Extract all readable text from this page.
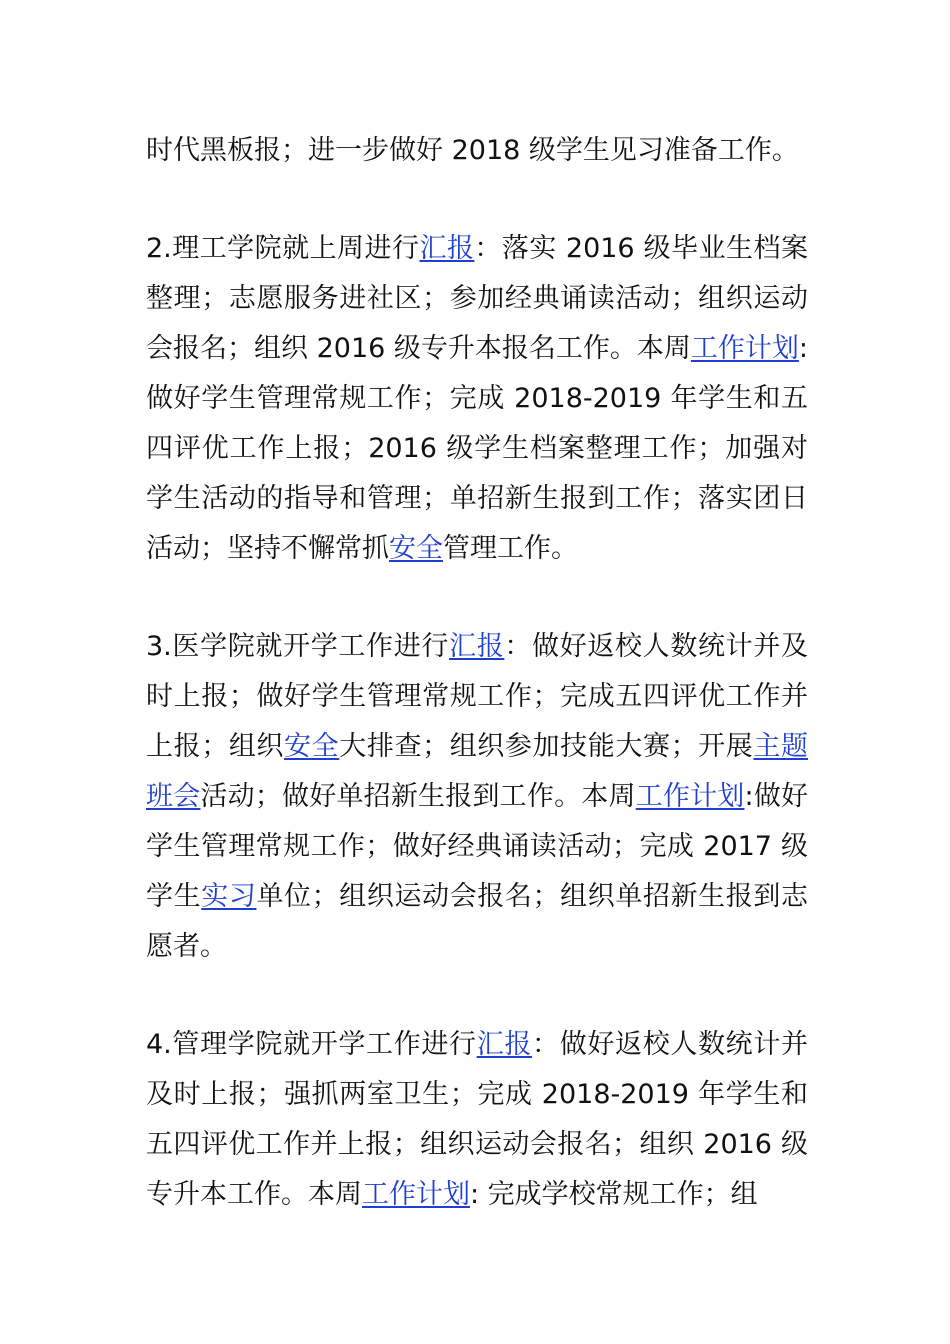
时代黑板报；进一步做好 2018 级学生见习准备工作。

2.理工学院就上周进行汇报：落实 2016 级毕业生档案整理；志愿服务进社区；参加经典诵读活动；组织运动会报名；组织 2016 级专升本报名工作。本周工作计划: 做好学生管理常规工作；完成 2018-2019 年学生和五四评优工作上报；2016 级学生档案整理工作；加强对学生活动的指导和管理；单招新生报到工作；落实团日活动；坚持不懈常抓安全管理工作。

3.医学院就开学工作进行汇报：做好返校人数统计并及时上报；做好学生管理常规工作；完成五四评优工作并上报；组织安全大排查；组织参加技能大赛；开展主题班会活动；做好单招新生报到工作。本周工作计划:做好学生管理常规工作；做好经典诵读活动；完成 2017 级学生实习单位；组织运动会报名；组织单招新生报到志愿者。

4.管理学院就开学工作进行汇报：做好返校人数统计并及时上报；强抓两室卫生；完成 2018-2019 年学生和五四评优工作并上报；组织运动会报名；组织 2016 级专升本工作。本周工作计划: 完成学校常规工作；组
